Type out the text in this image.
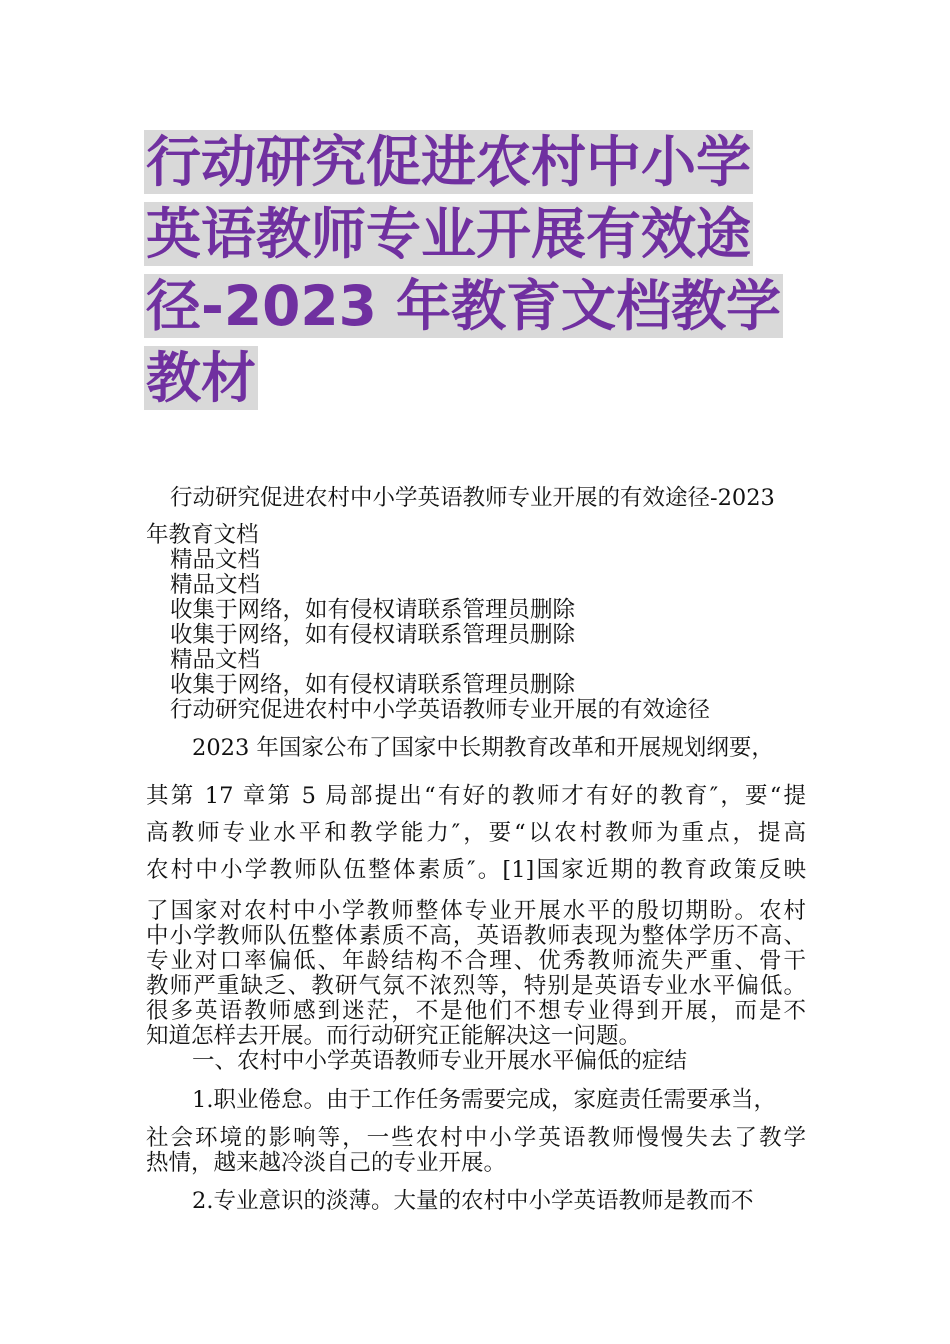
行动研究促进农村中小学
英语教师专业开展有效途
径-2023 年教育文档教学
教材
行动研究促进农村中小学英语教师专业开展的有效途径-2023
年教育文档
精品文档
精品文档
收集于网络，如有侵权请联系管理员删除
收集于网络，如有侵权请联系管理员删除
精品文档
收集于网络，如有侵权请联系管理员删除
行动研究促进农村中小学英语教师专业开展的有效途径
2023 年国家公布了国家中长期教育改革和开展规划纲要，
其第 17 章第 5 局部提出“有好的教师才有好的教育″，要“提
高教师专业水平和教学能力″，要“以农村教师为重点，提高
农村中小学教师队伍整体素质″。[1]国家近期的教育政策反映
了国家对农村中小学教师整体专业开展水平的殷切期盼。农村
中小学教师队伍整体素质不高，英语教师表现为整体学历不高、
专业对口率偏低、年龄结构不合理、优秀教师流失严重、骨干
教师严重缺乏、教研气氛不浓烈等，特别是英语专业水平偏低。
很多英语教师感到迷茫，不是他们不想专业得到开展，而是不
知道怎样去开展。而行动研究正能解决这一问题。
一、农村中小学英语教师专业开展水平偏低的症结
1.职业倦怠。由于工作任务需要完成，家庭责任需要承当，
社会环境的影响等，一些农村中小学英语教师慢慢失去了教学
热情，越来越冷淡自己的专业开展。
2.专业意识的淡薄。大量的农村中小学英语教师是教而不
